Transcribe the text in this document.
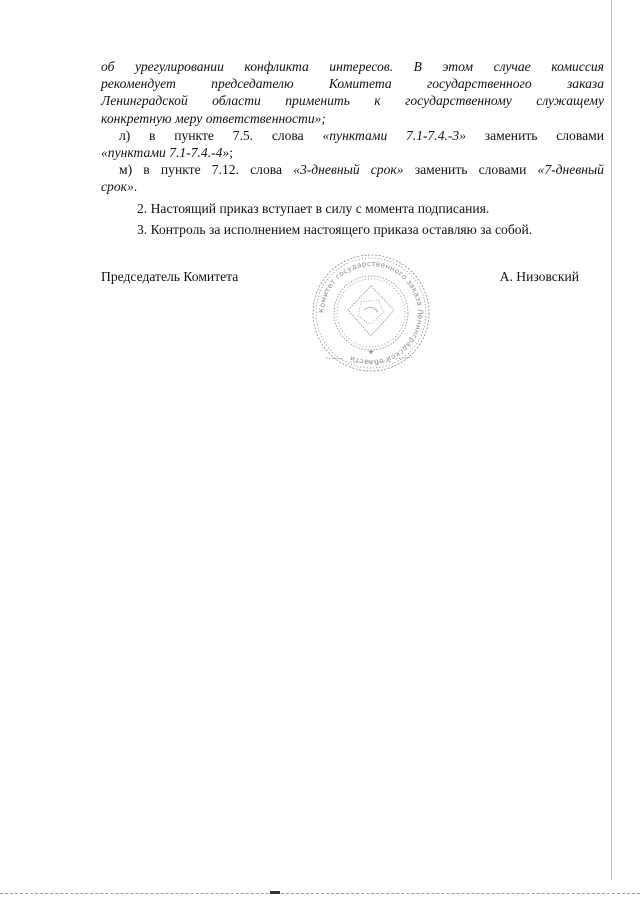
об урегулировании конфликта интересов. В этом случае комиссия
рекомендует председателю Комитета государственного заказа
Ленинградской области применить к государственному служащему
конкретную меру ответственности»;
л) в пункте 7.5. слова «пунктами 7.1-7.4.-3» заменить словами
«пунктами 7.1-7.4.-4»;
м) в пункте 7.12. слова «3-дневный срок» заменить словами «7-дневный
срок».
2. Настоящий приказ вступает в силу с момента подписания.
3. Контроль за исполнением настоящего приказа оставляю за собой.
Председатель Комитета	А. Низовский
Комитет государственного заказа Ленинградской области
★
